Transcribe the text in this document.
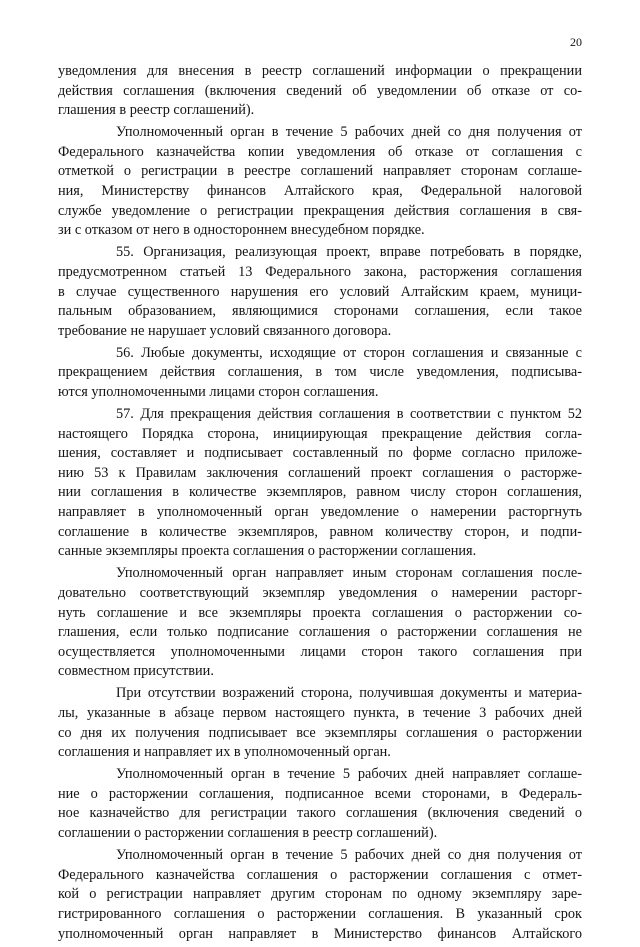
20
уведомления для внесения в реестр соглашений информации о прекращении
действия соглашения (включения сведений об уведомлении об отказе от со-
глашения в реестр соглашений).
Уполномоченный орган в течение 5 рабочих дней со дня получения от
Федерального казначейства копии уведомления об отказе от соглашения с
отметкой о регистрации в реестре соглашений направляет сторонам соглаше-
ния, Министерству финансов Алтайского края, Федеральной налоговой
службе уведомление о регистрации прекращения действия соглашения в свя-
зи с отказом от него в одностороннем внесудебном порядке.
55. Организация, реализующая проект, вправе потребовать в порядке,
предусмотренном статьей 13 Федерального закона, расторжения соглашения
в случае существенного нарушения его условий Алтайским краем, муници-
пальным образованием, являющимися сторонами соглашения, если такое
требование не нарушает условий связанного договора.
56. Любые документы, исходящие от сторон соглашения и связанные с
прекращением действия соглашения, в том числе уведомления, подписыва-
ются уполномоченными лицами сторон соглашения.
57. Для прекращения действия соглашения в соответствии с пунктом 52
настоящего Порядка сторона, инициирующая прекращение действия согла-
шения, составляет и подписывает составленный по форме согласно приложе-
нию 53 к Правилам заключения соглашений проект соглашения о расторже-
нии соглашения в количестве экземпляров, равном числу сторон соглашения,
направляет в уполномоченный орган уведомление о намерении расторгнуть
соглашение в количестве экземпляров, равном количеству сторон, и подпи-
санные экземпляры проекта соглашения о расторжении соглашения.
Уполномоченный орган направляет иным сторонам соглашения после-
довательно соответствующий экземпляр уведомления о намерении расторг-
нуть соглашение и все экземпляры проекта соглашения о расторжении со-
глашения, если только подписание соглашения о расторжении соглашения не
осуществляется уполномоченными лицами сторон такого соглашения при
совместном присутствии.
При отсутствии возражений сторона, получившая документы и материа-
лы, указанные в абзаце первом настоящего пункта, в течение 3 рабочих дней
со дня их получения подписывает все экземпляры соглашения о расторжении
соглашения и направляет их в уполномоченный орган.
Уполномоченный орган в течение 5 рабочих дней направляет соглаше-
ние о расторжении соглашения, подписанное всеми сторонами, в Федераль-
ное казначейство для регистрации такого соглашения (включения сведений о
соглашении о расторжении соглашения в реестр соглашений).
Уполномоченный орган в течение 5 рабочих дней со дня получения от
Федерального казначейства соглашения о расторжении соглашения с отмет-
кой о регистрации направляет другим сторонам по одному экземпляру заре-
гистрированного соглашения о расторжении соглашения. В указанный срок
уполномоченный орган направляет в Министерство финансов Алтайского
